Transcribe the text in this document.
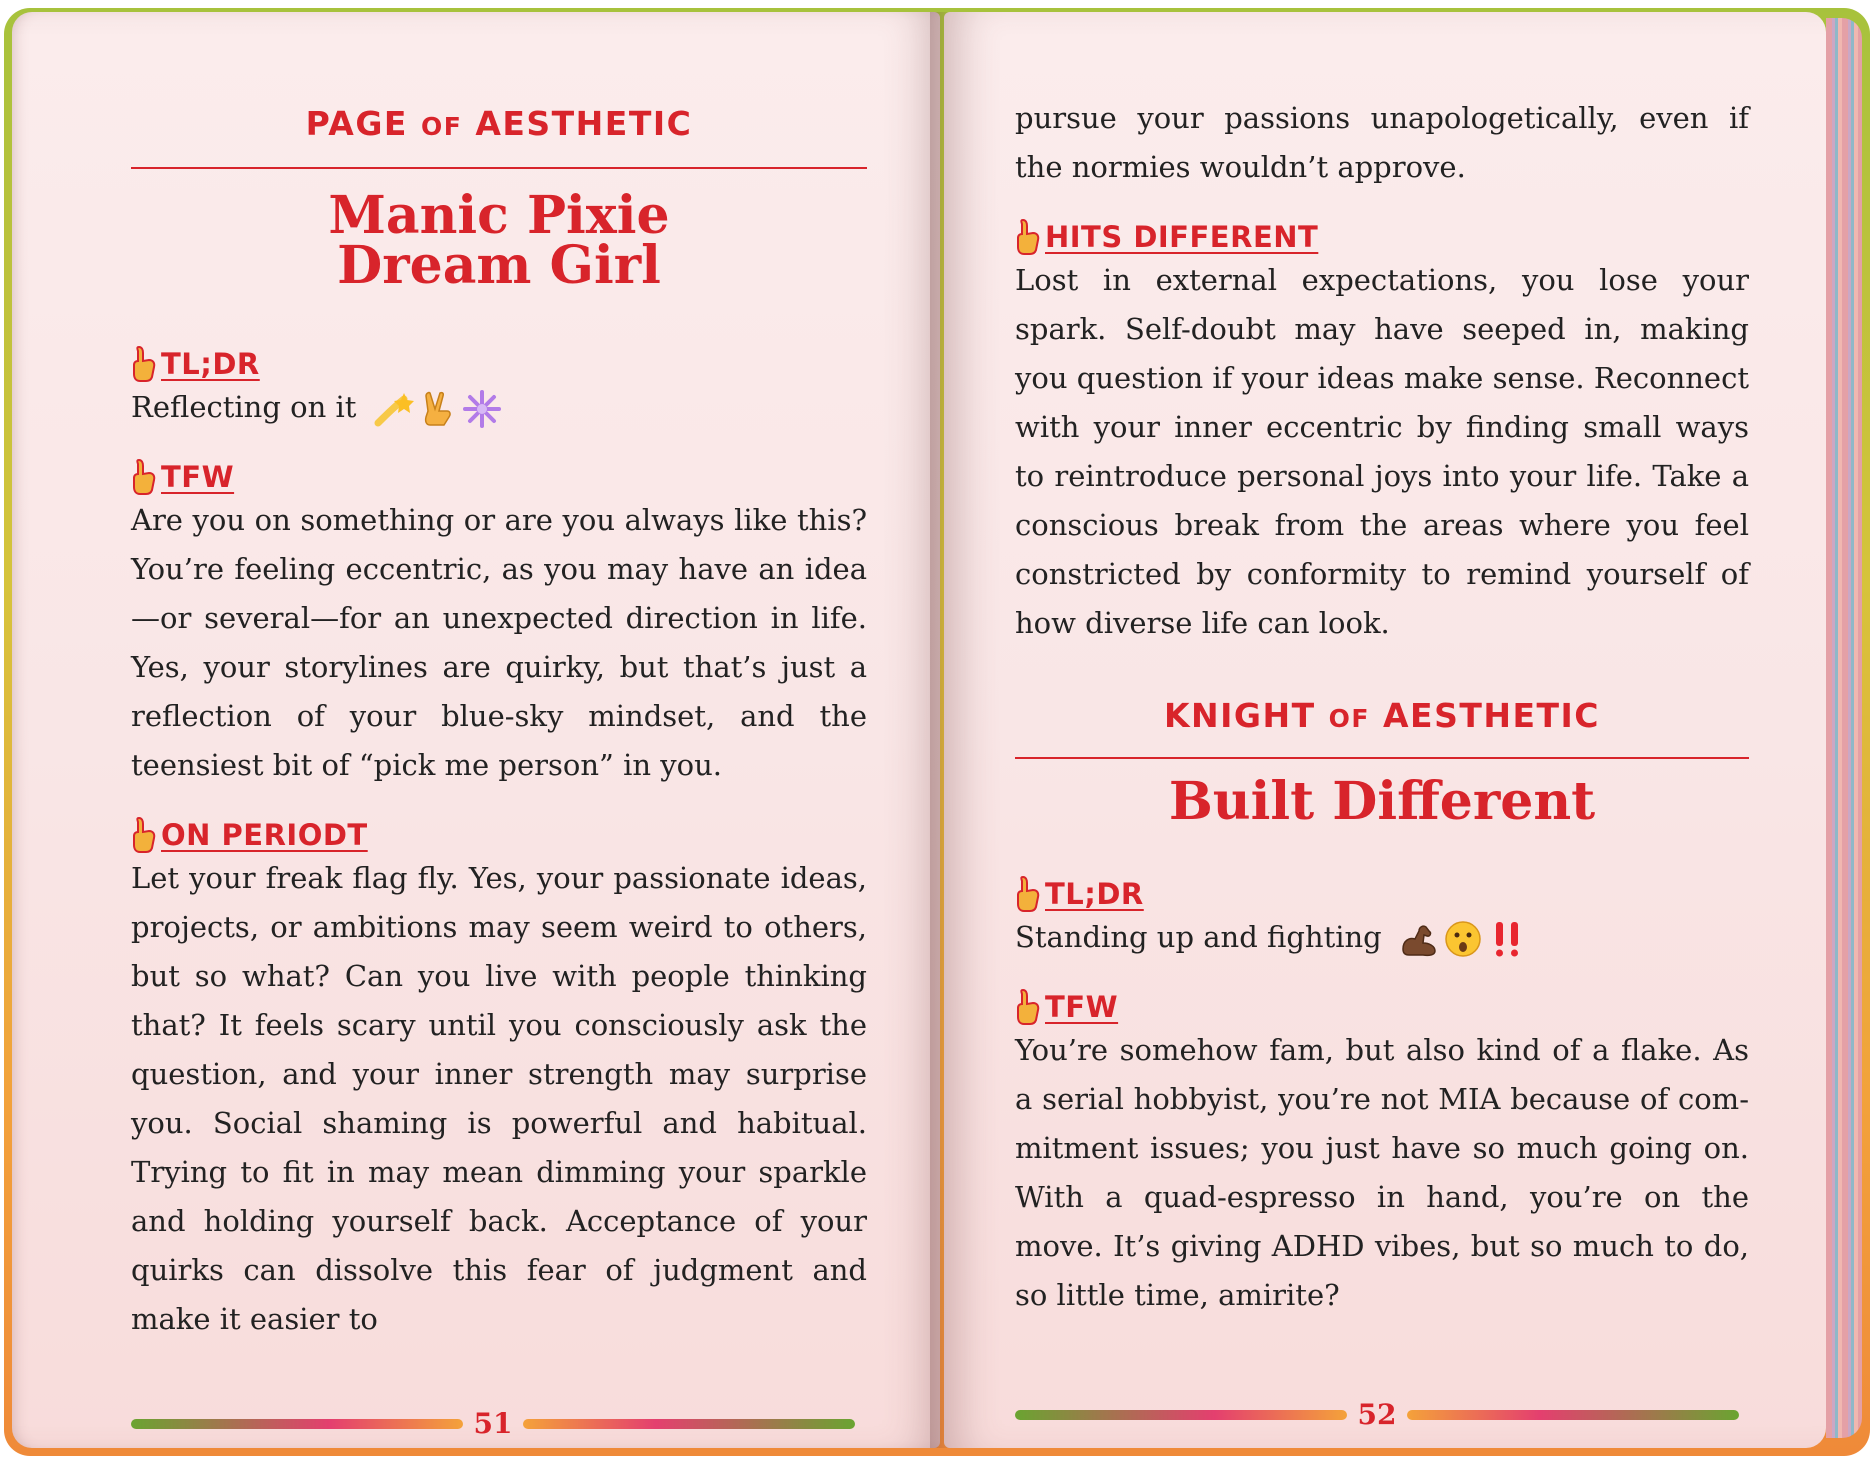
PAGE OF AESTHETIC

Manic Pixie
Dream Girl
TL;DR

Reflecting on it

TFW

Are you on something or are you always like this? You’re feeling eccentric, as you may have an idea—or several—for an unexpected direction in life. Yes, your storylines are quirky, but that’s just a reflection of your blue-sky mindset, and the teensiest bit of “pick me person” in you.

ON PERIODT

Let your freak flag fly. Yes, your passionate ideas, projects, or ambitions may seem weird to others, but so what? Can you live with people thinking that? It feels scary until you consciously ask the question, and your inner strength may surprise you. Social shaming is powerful and habitual. Trying to fit in may mean dimming your sparkle and holding yourself back. Acceptance of your quirks can dissolve this fear of judgment and make it easier to

51

pursue your passions unapologetically, even if the normies wouldn’t approve.

HITS DIFFERENT

Lost in external expectations, you lose your spark. Self-doubt may have seeped in, making you question if your ideas make sense. Reconnect with your inner eccentric by finding small ways to reintroduce personal joys into your life. Take a conscious break from the areas where you feel constricted by conformity to remind yourself of how diverse life can look.

KNIGHT OF AESTHETIC

Built Different
TL;DR

Standing up and fighting

TFW

You’re somehow fam, but also kind of a flake. As a serial hobbyist, you’re not MIA because of commitment issues; you just have so much going on. With a quad-espresso in hand, you’re on the move. It’s giving ADHD vibes, but so much to do, so little time, amirite?

52
